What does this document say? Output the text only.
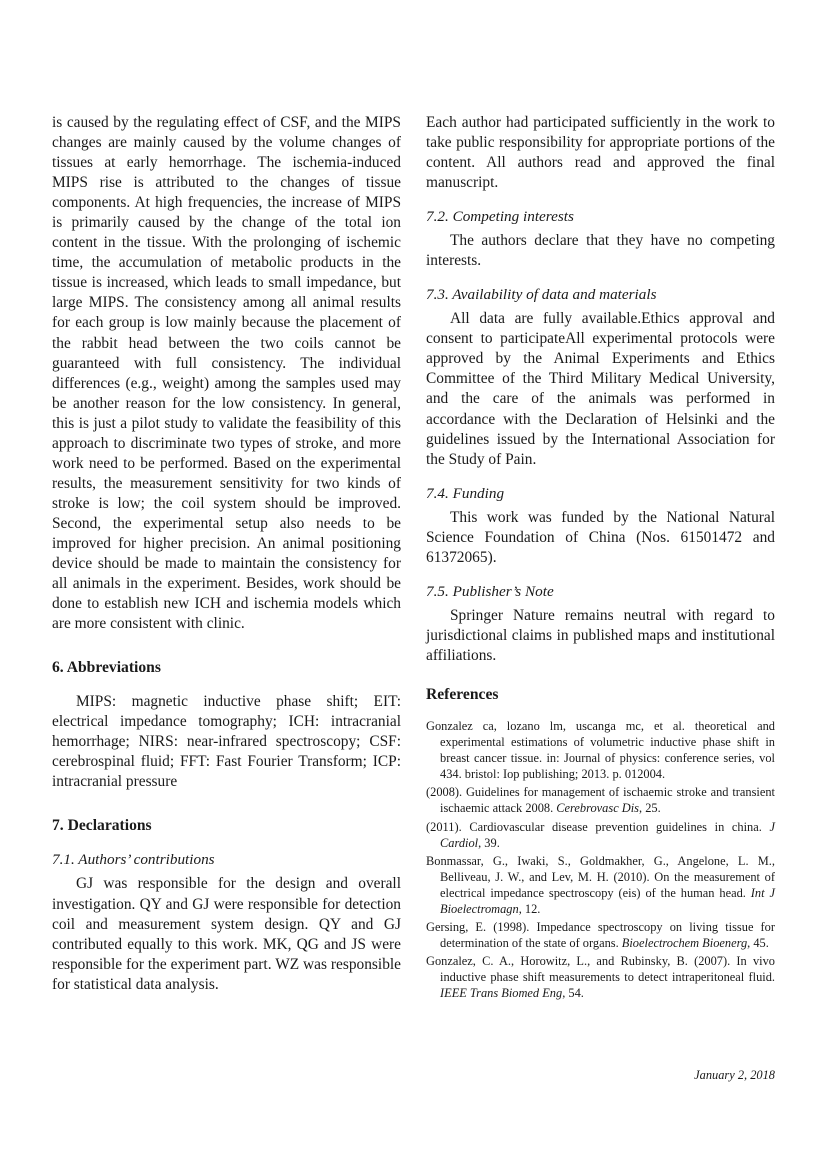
is caused by the regulating effect of CSF, and the MIPS changes are mainly caused by the volume changes of tissues at early hemorrhage. The ischemia-induced MIPS rise is attributed to the changes of tissue components. At high frequencies, the increase of MIPS is primarily caused by the change of the total ion content in the tissue. With the prolonging of ischemic time, the accumulation of metabolic products in the tissue is increased, which leads to small impedance, but large MIPS. The consistency among all animal results for each group is low mainly because the placement of the rabbit head between the two coils cannot be guaranteed with full consistency. The individual differences (e.g., weight) among the samples used may be another reason for the low consistency. In general, this is just a pilot study to validate the feasibility of this approach to discriminate two types of stroke, and more work need to be performed. Based on the experimental results, the measurement sensitivity for two kinds of stroke is low; the coil system should be improved. Second, the experimental setup also needs to be improved for higher precision. An animal positioning device should be made to maintain the consistency for all animals in the experiment. Besides, work should be done to establish new ICH and ischemia models which are more consistent with clinic.

6. Abbreviations

MIPS: magnetic inductive phase shift; EIT: electrical impedance tomography; ICH: intracranial hemorrhage; NIRS: near-infrared spectroscopy; CSF: cerebrospinal fluid; FFT: Fast Fourier Transform; ICP: intracranial pressure

7. Declarations
7.1. Authors’ contributions

GJ was responsible for the design and overall investigation. QY and GJ were responsible for detection coil and measurement system design. QY and GJ contributed equally to this work. MK, QG and JS were responsible for the experiment part. WZ was responsible for statistical data analysis.

Each author had participated sufficiently in the work to take public responsibility for appropriate portions of the content. All authors read and approved the final manuscript.

7.2. Competing interests

The authors declare that they have no competing interests.

7.3. Availability of data and materials

All data are fully available.Ethics approval and consent to participateAll experimental protocols were approved by the Animal Experiments and Ethics Committee of the Third Military Medical University, and the care of the animals was performed in accordance with the Declaration of Helsinki and the guidelines issued by the International Association for the Study of Pain.

7.4. Funding

This work was funded by the National Natural Science Foundation of China (Nos. 61501472 and 61372065).

7.5. Publisher’s Note

Springer Nature remains neutral with regard to jurisdictional claims in published maps and institutional affiliations.

References
Gonzalez ca, lozano lm, uscanga mc, et al. theoretical and experimental estimations of volumetric inductive phase shift in breast cancer tissue. in: Journal of physics: conference series, vol 434. bristol: Iop publishing; 2013. p. 012004.
(2008). Guidelines for management of ischaemic stroke and transient ischaemic attack 2008. Cerebrovasc Dis, 25.
(2011). Cardiovascular disease prevention guidelines in china. J Cardiol, 39.
Bonmassar, G., Iwaki, S., Goldmakher, G., Angelone, L. M., Belliveau, J. W., and Lev, M. H. (2010). On the measurement of electrical impedance spectroscopy (eis) of the human head. Int J Bioelectromagn, 12.
Gersing, E. (1998). Impedance spectroscopy on living tissue for determination of the state of organs. Bioelectrochem Bioenerg, 45.
Gonzalez, C. A., Horowitz, L., and Rubinsky, B. (2007). In vivo inductive phase shift measurements to detect intraperitoneal fluid. IEEE Trans Biomed Eng, 54.
January 2, 2018
